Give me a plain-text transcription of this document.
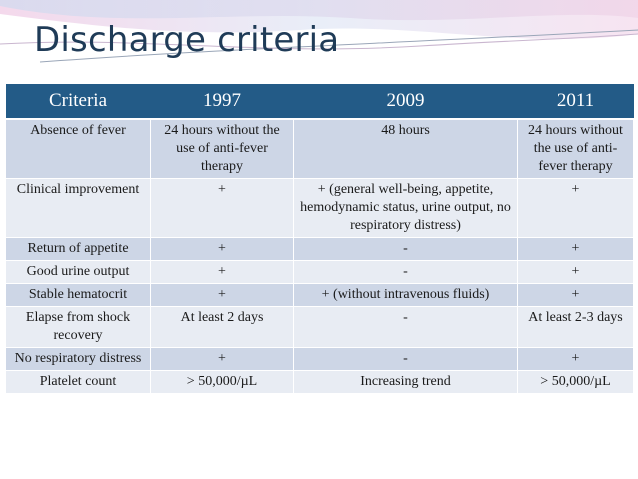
Discharge criteria
Criteria	1997	2009	2011
Absence of fever	24 hours without the use of anti-fever therapy	48 hours	24 hours without the use of anti-fever therapy
Clinical improvement	+	+ (general well-being, appetite, hemodynamic status, urine output, no respiratory distress)	+
Return of appetite	+	-	+
Good urine output	+	-	+
Stable hematocrit	+	+ (without intravenous fluids)	+
Elapse from shock recovery	At least 2 days	-	At least 2-3 days
No respiratory distress	+	-	+
Platelet count	> 50,000/µL	Increasing trend	> 50,000/µL
